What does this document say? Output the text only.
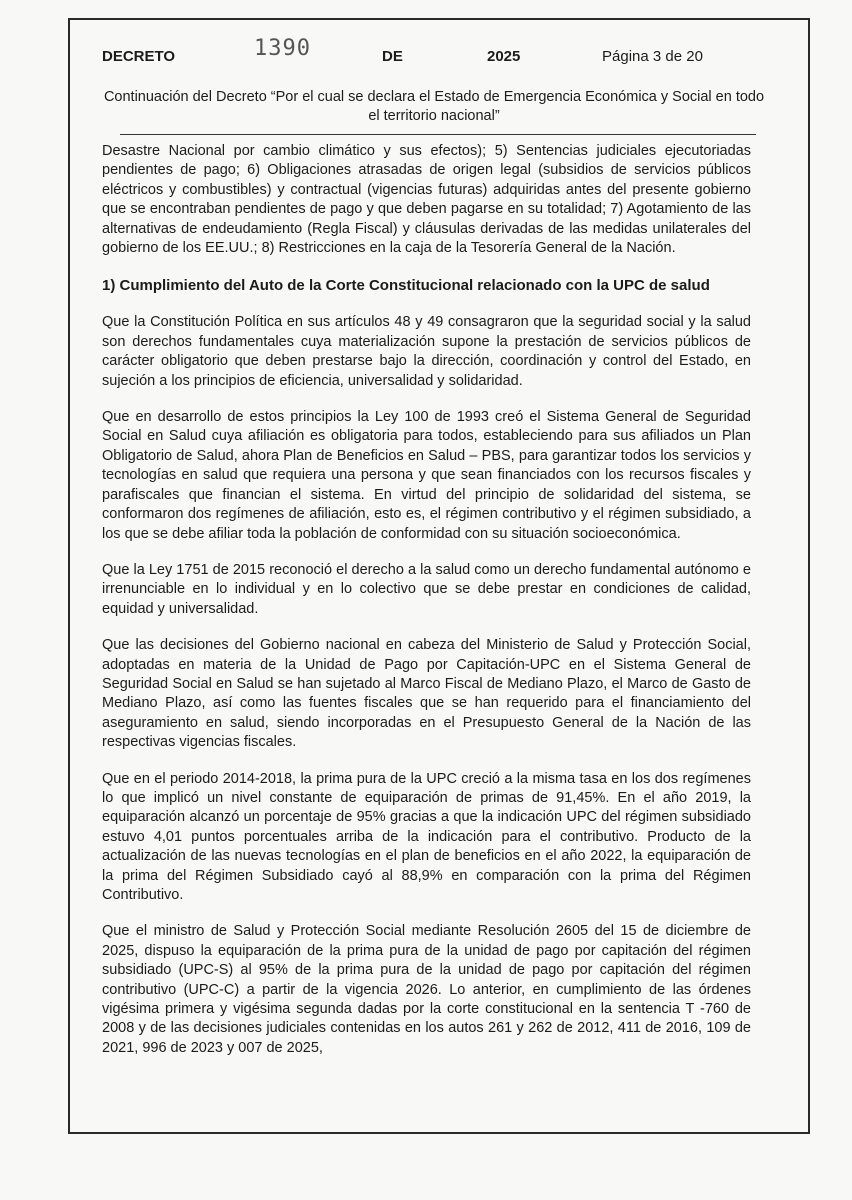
DECRETO	1390	DE	2025	Página 3 de 20
Continuación del Decreto “Por el cual se declara el Estado de Emergencia Económica y Social en todo el territorio nacional”

Desastre Nacional por cambio climático y sus efectos); 5) Sentencias judiciales ejecutoriadas pendientes de pago; 6) Obligaciones atrasadas de origen legal (subsidios de servicios públicos eléctricos y combustibles) y contractual (vigencias futuras) adquiridas antes del presente gobierno que se encontraban pendientes de pago y que deben pagarse en su totalidad; 7) Agotamiento de las alternativas de endeudamiento (Regla Fiscal) y cláusulas derivadas de las medidas unilaterales del gobierno de los EE.UU.; 8) Restricciones en la caja de la Tesorería General de la Nación.

1) Cumplimiento del Auto de la Corte Constitucional relacionado con la UPC de salud

Que la Constitución Política en sus artículos 48 y 49 consagraron que la seguridad social y la salud son derechos fundamentales cuya materialización supone la prestación de servicios públicos de carácter obligatorio que deben prestarse bajo la dirección, coordinación y control del Estado, en sujeción a los principios de eficiencia, universalidad y solidaridad.

Que en desarrollo de estos principios la Ley 100 de 1993 creó el Sistema General de Seguridad Social en Salud cuya afiliación es obligatoria para todos, estableciendo para sus afiliados un Plan Obligatorio de Salud, ahora Plan de Beneficios en Salud – PBS, para garantizar todos los servicios y tecnologías en salud que requiera una persona y que sean financiados con los recursos fiscales y parafiscales que financian el sistema. En virtud del principio de solidaridad del sistema, se conformaron dos regímenes de afiliación, esto es, el régimen contributivo y el régimen subsidiado, a los que se debe afiliar toda la población de conformidad con su situación socioeconómica.

Que la Ley 1751 de 2015 reconoció el derecho a la salud como un derecho fundamental autónomo e irrenunciable en lo individual y en lo colectivo que se debe prestar en condiciones de calidad, equidad y universalidad.

Que las decisiones del Gobierno nacional en cabeza del Ministerio de Salud y Protección Social, adoptadas en materia de la Unidad de Pago por Capitación-UPC en el Sistema General de Seguridad Social en Salud se han sujetado al Marco Fiscal de Mediano Plazo, el Marco de Gasto de Mediano Plazo, así como las fuentes fiscales que se han requerido para el financiamiento del aseguramiento en salud, siendo incorporadas en el Presupuesto General de la Nación de las respectivas vigencias fiscales.

Que en el periodo 2014-2018, la prima pura de la UPC creció a la misma tasa en los dos regímenes lo que implicó un nivel constante de equiparación de primas de 91,45%. En el año 2019, la equiparación alcanzó un porcentaje de 95% gracias a que la indicación UPC del régimen subsidiado estuvo 4,01 puntos porcentuales arriba de la indicación para el contributivo. Producto de la actualización de las nuevas tecnologías en el plan de beneficios en el año 2022, la equiparación de la prima del Régimen Subsidiado cayó al 88,9% en comparación con la prima del Régimen Contributivo.

Que el ministro de Salud y Protección Social mediante Resolución 2605 del 15 de diciembre de 2025, dispuso la equiparación de la prima pura de la unidad de pago por capitación del régimen subsidiado (UPC-S) al 95% de la prima pura de la unidad de pago por capitación del régimen contributivo (UPC-C) a partir de la vigencia 2026. Lo anterior, en cumplimiento de las órdenes vigésima primera y vigésima segunda dadas por la corte constitucional en la sentencia T -760 de 2008 y de las decisiones judiciales contenidas en los autos 261 y 262 de 2012, 411 de 2016, 109 de 2021, 996 de 2023 y 007 de 2025,
